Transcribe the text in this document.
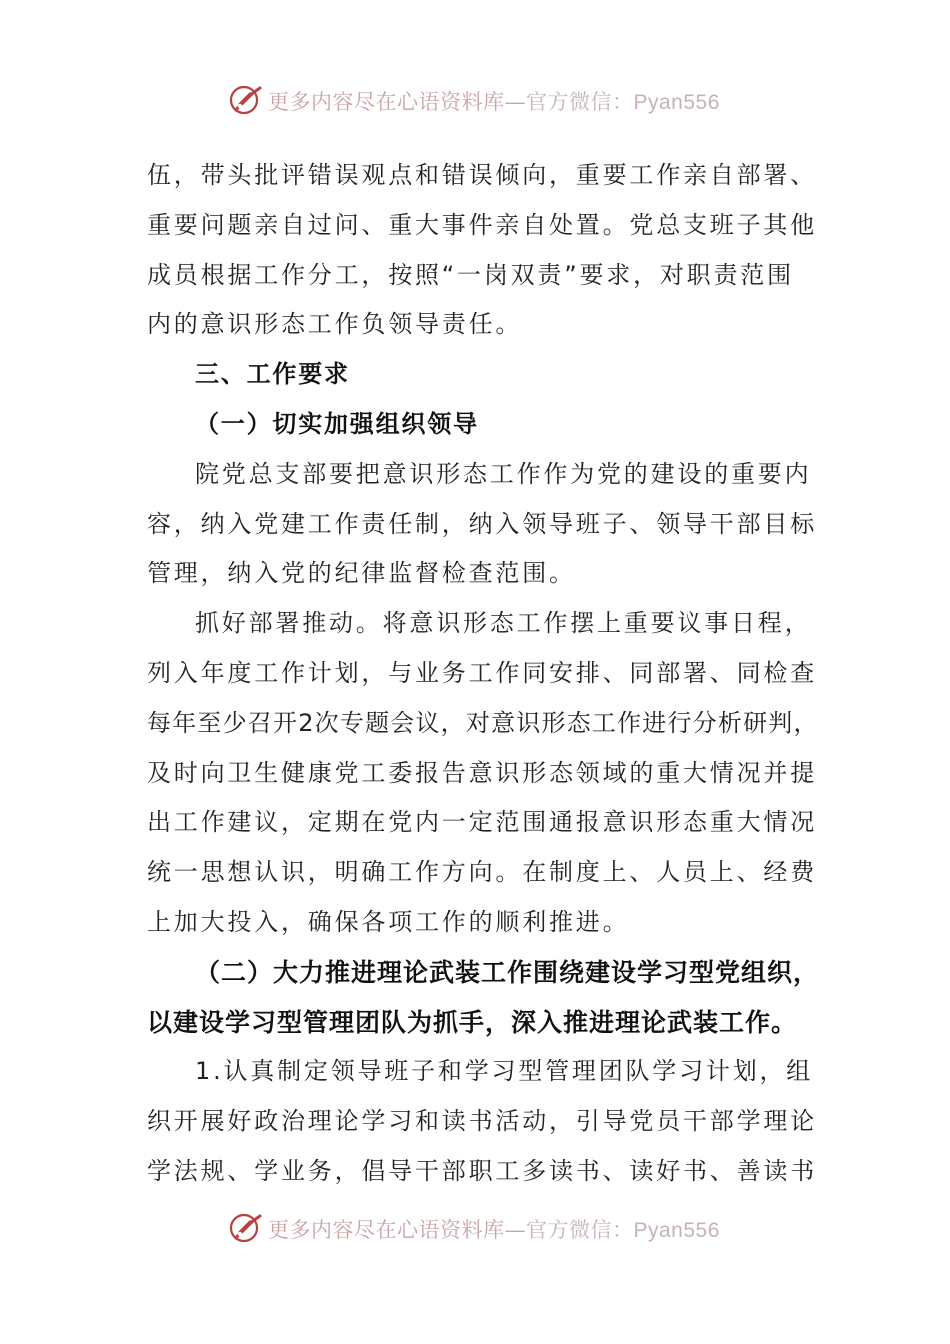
更多内容尽在心语资料库—官方微信：Pyan556
伍，带头批评错误观点和错误倾向，重要工作亲自部署、
重要问题亲自过问、重大事件亲自处置。党总支班子其他
成员根据工作分工，按照“一岗双责”要求，对职责范围
内的意识形态工作负领导责任。
三、工作要求
（一）切实加强组织领导
院党总支部要把意识形态工作作为党的建设的重要内
容，纳入党建工作责任制，纳入领导班子、领导干部目标
管理，纳入党的纪律监督检查范围。
抓好部署推动。将意识形态工作摆上重要议事日程，
列入年度工作计划，与业务工作同安排、同部署、同检查
每年至少召开2次专题会议，对意识形态工作进行分析研判，
及时向卫生健康党工委报告意识形态领域的重大情况并提
出工作建议，定期在党内一定范围通报意识形态重大情况
统一思想认识，明确工作方向。在制度上、人员上、经费
上加大投入，确保各项工作的顺利推进。
（二）大力推进理论武装工作围绕建设学习型党组织，
以建设学习型管理团队为抓手，深入推进理论武装工作。
1.认真制定领导班子和学习型管理团队学习计划，组
织开展好政治理论学习和读书活动，引导党员干部学理论
学法规、学业务，倡导干部职工多读书、读好书、善读书
更多内容尽在心语资料库—官方微信：Pyan556
